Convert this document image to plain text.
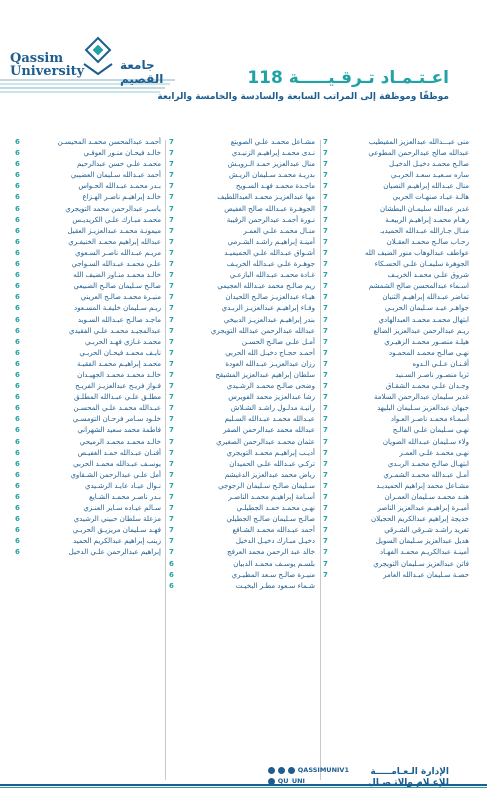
Qassim
University	جامعة القصيم	اعـتـمـاد تـرقـيـــــة 118
موظفًا وموظفة إلى المراتب السابعة والسادسة والخامسة والرابعة
منى عبـــدالله عبدالعزيز المقيطيب
7
عبدالله صالح عبدالرحمن المطوعي
7
صالـح محمـد دخيـل الدخيـل
7
ساره سـعيـد سعـد الحربـي
7
منال عبـدالله إبراهيـم النصيان
7
هالـة عيـاد صنهـات الحربي
7
غدير عبدالله سليمـان البطشان
7
رهـام محمـد إبراهيـم الربيعـة
7
منـال جـارالله عبـدالله الحميديـ
7
رحـاب صالـح محمـد العقـلان
7
عواطف عبدالوهاب منور الضيف الله
7
الجوهرة سليمـان علـي الحسـكاء
7
شروق علـي محمـد الخريـف
7
اسـماء عبدالمحسن صالح الشمشم
7
تماضر عبـدالله إبراهيـم الثنيان
7
جواهـر عيـد سـليمان الحربـي
7
ابتهال محمـد محمـد العبدالهادي
7
ريـم عبدالرحمن عبدالعزيز الضالع
7
هيلـة منصـور محمـد الزهيـري
7
نهـى صالـح محمـد المحمـود
7
أفـنـان عـلـي الـدوه
7
ثريا منصـور ناصـر السـنيد
7
وجـدان علـي محمـد الشقـاق
7
غدير سليمان عبدالرحمن السلامة
7
جيهان عبدالعزيز سـليمان البليهد
7
أسمـاء محمـد ناصـر العـواد
7
نهـى سـليمان علـي الفالـح
7
ولاء سـليمان عبـدالله الصويان
7
نهـى محمـد علـي العمـر
7
ابتهـال صالـح محمـد الربـدي
7
أمـل عبـدالله محمـد الشمـري
7
مشـاعل محمد إبراهيم الحميديـد
7
هنـد محمـد سـليمان العمـران
7
أميـرة إبراهيـم عبدالعزيز الناصر
7
خديجة إبراهيم عبدالكريم الحجيلان
7
تغريد راشـد شـرقي الشـرقي
7
هديل عبدالعزيز سـليمان السويل
7
أمينـة عبدالكريـم محمـد الفهـاد
7
فاتن عبدالعزيز سـليمان التويجري
7
حصـة سـليمان عبـدالله العامر
7
مشـاعل محمـد علـي الصويتع
7
نـدى محمـد إبراهيـم الزنيـدي
7
منال عبدالعزيز حمـد الـرويـش
7
بدريـة محمـد سـليمان الريـش
7
ماجـدة محمـد فهـد السـويح
7
مها عبدالعزيـز محمـد العبداللطيف
7
الجوهـرة عبـدالله صالح الغفيص
7
نـورة أحمـد عبدالرحمن الرقيبة
7
منـال محمـد علـي العمـر
7
أمينـة إبراهيـم راشـد الشـرمي
7
أشـواق عبـدالله علـي الحميميـد
7
جوهـرة علـي عبـدالله الخريـف
7
غـادة محمـد عبـدالله البازعـي
7
ريم صالـح محمد عبـدالله العجيمي
7
هيـاء عبدالعزيـز صالـح اللحيدان
7
وفـاء إبراهيـم عبدالعزيـز الربـدي
7
بندر إبراهيـم عبدالعزيـز الدبيخي
7
عبدالله عبدالرحمن عبدالله التويجري
7
أمـل علـي صالـح الحسـن
7
أحمـد حجـاج دخيـل الله الحربي
7
رزان عبدالعزيـز عبـدالله العودة
7
سلطان إبراهيم عبدالعزيز المشيقح
7
وضحى صالـح محمـد الرشـيدي
7
رشا عبدالعزيز محمد الفويرس
7
رانيـة مدلـول راشـد الشـلاش
7
عبـدالله محمـد عبـدالله السـليم
7
عبدالله محمد عبدالرحمن الصقر
7
عثمان محمـد عبدالرحمن الصغيري
7
أديـب إبراهيـم محمـد التويجري
7
تركـي عبـدالله علـي الحميدان
7
رياض محمد عبدالعزيز الدغيشم
7
سـليمان صالـح سـليمان الرجوجي
7
أسـامة إبراهيـم محمـد الناصـر
7
نهـى محمـد حمـد الجطيلـي
7
صالـح سـليمان صالـح الجطيلي
7
أحمد عبـدالله محمـد الشـافع
7
دخيـل مبـارك دخيـل الدخيل
7
خالد عبد الرحمن محمد العرفج
7
بلسـم يوسـف محمـد الدبيان
6
منيـرة صالـح سـعد المطيـري
6
شـماء سـعود مطـر البخيـت
6
أحمـد عبدالمحسن محمـد المحيسـن
6
خالـد فيحـان منـور العوفـي
6
محمـد علـي حسن عبدالرحيم
6
أحمد عبـدالله سـليمان العضيبي
6
بـدر محمـد عبـدالله الحـواس
6
خالـد إبراهيـم ناصـر الهـزاع
6
ياسـر عبدالرحمن محمد التويجري
6
محمـد مبـارك علـي الكريديـس
6
ميمونـة محمـد عبدالعزيـز العقيل
6
عبدالله إبراهيم محمـد الخنيفـري
6
مريـم عبـدالله ناصـر السـعوي
6
علـي محمـد عبـدالله السـواجي
6
خالـد محمـد منـاور الضيف الله
6
صالـح سـليمان صالـح الضبيعي
6
منيـرة محمـد صالـح العريني
6
ريـم سـليمان خليفـة المسـعود
6
ماجـد صالـح عبـدالله السـويد
6
عبدالمجيـد محمـد علـي الفقيدي
6
محمـد غـازي فهـد الحربـي
6
نايـف محمـد فيحـان الحربـي
6
محمـد إبراهيـم محمـد الفقيـة
6
خالـد محمـد محمـد الجهيـدان
6
فـواز فريـح عبدالعزيـز الفريـح
6
مطلـق علـي عبـدالله المطلـق
6
عبـدالله محمـد علـي المحسـن
6
خلـود سـامر فرحـان التومسـي
6
فاطمة محمد سعيد الشهراني
6
خالـد محمـد محمـد الرميحي
6
أفنـان عبـدالله حمـد الغفيـص
6
يوسـف عبـدالله محمـد الحربي
6
أمل علـي عبدالرحمن الشـقاوي
6
نـوال عيـاد عايـد الرشـيدي
6
بـدر ناصـر محمـد الشـايع
6
سـالم عيـاده سـاير العنـزي
6
مزعلة سلطان حبيني الرشيدي
6
فهـد سـليمان مريزيـق الحربـي
6
زينب إبراهيم عبدالكريم الحميد
6
إبراهيم عبدالرحمن علـي الدخيل
6
الإدارة الـعـامـــــة
للإعـلام والاتـصـال
QASSIMUNIV1
QU_UNI
